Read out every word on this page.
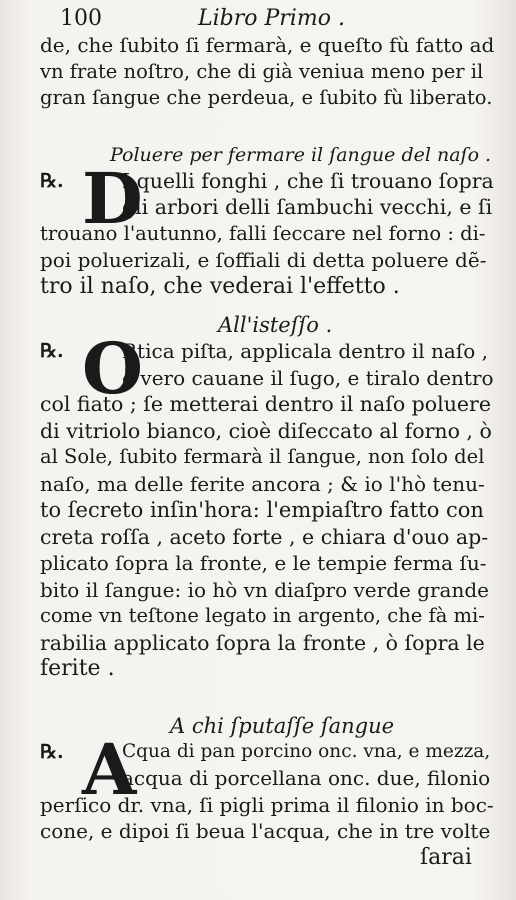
100	Libro Primo .
de, che ſubito ſi fermarà, e queſto fù fatto ad
vn frate noſtro, che di già veniua meno per il
gran ſangue che perdeua, e ſubito fù liberato.
Poluere per fermare il ſangue del naſo .
℞. D
I quelli fonghi , che ſi trouano ſopra
gli arbori delli ſambuchi vecchi, e ſi
trouano l'autunno, falli ſeccare nel forno : di-
poi poluerizali, e ſoffiali di detta poluere dẽ-
tro il naſo, che vederai l'effetto .
All'isteſſo .
℞. O
Rtica piſta, applicala dentro il naſo ,
ò vero cauane il ſugo, e tiralo dentro
col fiato ; ſe metterai dentro il naſo poluere
di vitriolo bianco, cioè diſeccato al forno , ò
al Sole, ſubito fermarà il ſangue, non ſolo del
naſo, ma delle ferite ancora ; & io l'hò tenu-
to ſecreto inſin'hora: l'empiaſtro fatto con
creta roſſa , aceto forte , e chiara d'ouo ap-
plicato ſopra la fronte, e le tempie ferma ſu-
bito il ſangue: io hò vn diaſpro verde grande
come vn teſtone legato in argento, che fà mi-
rabilia applicato ſopra la fronte , ò ſopra le
ferite .
A chi ſputaſſe ſangue
℞. A
Cqua di pan porcino onc. vna, e mezza,
acqua di porcellana onc. due, filonio
perſico dr. vna, ſi pigli prima il filonio in boc-
cone, e dipoi ſi beua l'acqua, che in tre volte
ſarai
